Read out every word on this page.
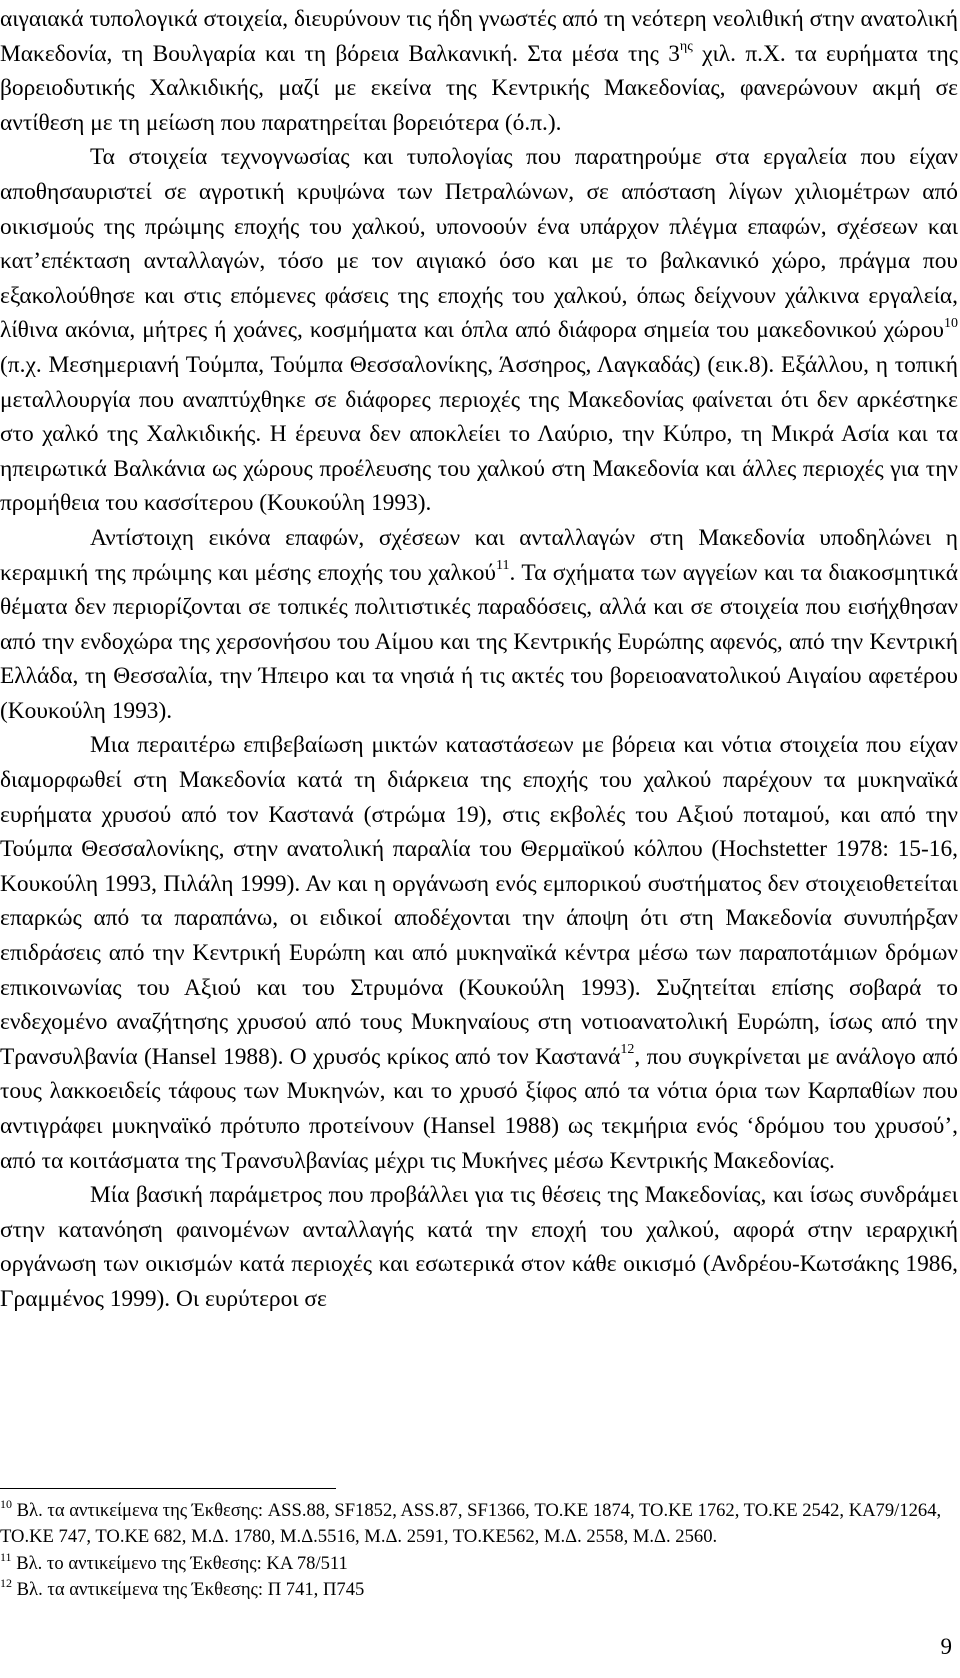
αιγαιακά τυπολογικά στοιχεία, διευρύνουν τις ήδη γνωστές από τη νεότερη νεολιθική στην ανατολική Μακεδονία, τη Βουλγαρία και τη βόρεια Βαλκανική. Στα μέσα της $3^{\eta\varsigma}$ χιλ. π.Χ. τα ευρήματα της βορειοδυτικής Χαλκιδικής, μαζί με εκείνα της Κεντρικής Μακεδονίας, φανερώνουν ακμή σε αντίθεση με τη μείωση που παρατηρείται βορειότερα (ό.π.).

Τα στοιχεία τεχνογνωσίας και τυπολογίας που παρατηρούμε στα εργαλεία που είχαν αποθησαυριστεί σε αγροτική κρυψώνα των Πετραλώνων, σε απόσταση λίγων χιλιομέτρων από οικισμούς της πρώιμης εποχής του χαλκού, υπονοούν ένα υπάρχον πλέγμα επαφών, σχέσεων και κατ’επέκταση ανταλλαγών, τόσο με τον αιγιακό όσο και με το βαλκανικό χώρο, πράγμα που εξακολούθησε και στις επόμενες φάσεις της εποχής του χαλκού, όπως δείχνουν χάλκινα εργαλεία, λίθινα ακόνια, μήτρες ή χοάνες, κοσμήματα και όπλα από διάφορα σημεία του μακεδονικού χώρου$^{10}$ (π.χ. Μεσημεριανή Τούμπα, Τούμπα Θεσσαλονίκης, Άσσηρος, Λαγκαδάς) (εικ.8). Εξάλλου, η τοπική μεταλλουργία που αναπτύχθηκε σε διάφορες περιοχές της Μακεδονίας φαίνεται ότι δεν αρκέστηκε στο χαλκό της Χαλκιδικής. Η έρευνα δεν αποκλείει το Λαύριο, την Κύπρο, τη Μικρά Ασία και τα ηπειρωτικά Βαλκάνια ως χώρους προέλευσης του χαλκού στη Μακεδονία και άλλες περιοχές για την προμήθεια του κασσίτερου (Κουκούλη 1993).

Αντίστοιχη εικόνα επαφών, σχέσεων και ανταλλαγών στη Μακεδονία υποδηλώνει η κεραμική της πρώιμης και μέσης εποχής του χαλκού$^{11}$. Τα σχήματα των αγγείων και τα διακοσμητικά θέματα δεν περιορίζονται σε τοπικές πολιτιστικές παραδόσεις, αλλά και σε στοιχεία που εισήχθησαν από την ενδοχώρα της χερσονήσου του Αίμου και της Κεντρικής Ευρώπης αφενός, από την Κεντρική Ελλάδα, τη Θεσσαλία, την Ήπειρο και τα νησιά ή τις ακτές του βορειοανατολικού Αιγαίου αφετέρου (Κουκούλη 1993).

Μια περαιτέρω επιβεβαίωση μικτών καταστάσεων με βόρεια και νότια στοιχεία που είχαν διαμορφωθεί στη Μακεδονία κατά τη διάρκεια της εποχής του χαλκού παρέχουν τα μυκηναϊκά ευρήματα χρυσού από τον Καστανά (στρώμα 19), στις εκβολές του Αξιού ποταμού, και από την Τούμπα Θεσσαλονίκης, στην ανατολική παραλία του Θερμαϊκού κόλπου (Hochstetter 1978: 15-16, Κουκούλη 1993, Πιλάλη 1999). Αν και η οργάνωση ενός εμπορικού συστήματος δεν στοιχειοθετείται επαρκώς από τα παραπάνω, οι ειδικοί αποδέχονται την άποψη ότι στη Μακεδονία συνυπήρξαν επιδράσεις από την Κεντρική Ευρώπη και από μυκηναϊκά κέντρα μέσω των παραποτάμιων δρόμων επικοινωνίας του Αξιού και του Στρυμόνα (Κουκούλη 1993). Συζητείται επίσης σοβαρά το ενδεχομένο αναζήτησης χρυσού από τους Μυκηναίους στη νοτιοανατολική Ευρώπη, ίσως από την Τρανσυλβανία (Hansel 1988). Ο χρυσός κρίκος από τον Καστανά$^{12}$, που συγκρίνεται με ανάλογο από τους λακκοειδείς τάφους των Μυκηνών, και το χρυσό ξίφος από τα νότια όρια των Καρπαθίων που αντιγράφει μυκηναϊκό πρότυπο προτείνουν (Hansel 1988) ως τεκμήρια ενός ‘δρόμου του χρυσού’, από τα κοιτάσματα της Τρανσυλβανίας μέχρι τις Μυκήνες μέσω Κεντρικής Μακεδονίας.

Μία βασική παράμετρος που προβάλλει για τις θέσεις της Μακεδονίας, και ίσως συνδράμει στην κατανόηση φαινομένων ανταλλαγής κατά την εποχή του χαλκού, αφορά στην ιεραρχική οργάνωση των οικισμών κατά περιοχές και εσωτερικά στον κάθε οικισμό (Ανδρέου-Κωτσάκης 1986, Γραμμένος 1999). Οι ευρύτεροι σε

$^{10}$ Βλ. τα αντικείμενα της Έκθεσης: ASS.88, SF1852, ASS.87, SF1366, ΤΟ.ΚΕ 1874, ΤΟ.ΚΕ 1762, ΤΟ.ΚΕ 2542, ΚΑ79/1264, ΤΟ.ΚΕ 747, ΤΟ.ΚΕ 682, Μ.Δ. 1780, Μ.Δ.5516, Μ.Δ. 2591, ΤΟ.ΚΕ562, Μ.Δ. 2558, Μ.Δ. 2560.

$^{11}$ Βλ. το αντικείμενο της Έκθεσης: ΚΑ 78/511

$^{12}$ Βλ. τα αντικείμενα της Έκθεσης: Π 741, Π745

9
